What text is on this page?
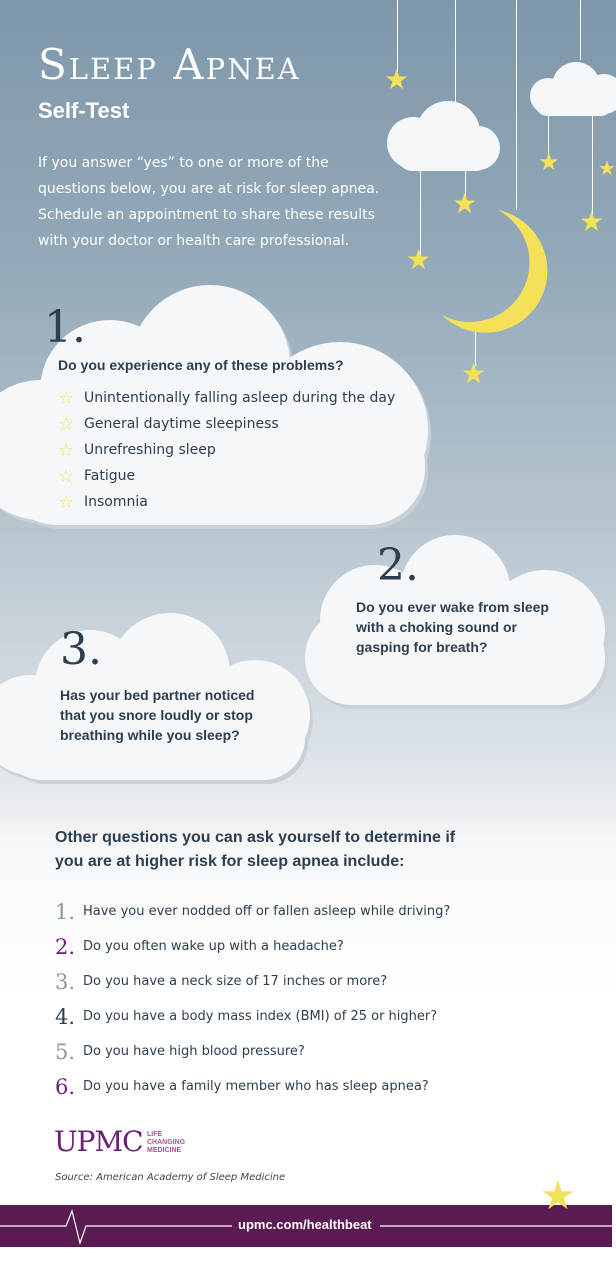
★
★
★
★
★
★
★
Sleep Apnea
Self-Test
If you answer “yes” to one or more of the
questions below, you are at risk for sleep apnea.
Schedule an appointment to share these results
with your doctor or health care professional.
1.
Do you experience any of these problems?
☆ Unintentionally falling asleep during the day
☆ General daytime sleepiness
☆ Unrefreshing sleep
☆ Fatigue
☆ Insomnia
2.
Do you ever wake from sleep
with a choking sound or
gasping for breath?
3.
Has your bed partner noticed
that you snore loudly or stop
breathing while you sleep?
Other questions you can ask yourself to determine if
you are at higher risk for sleep apnea include:
1. Have you ever nodded off or fallen asleep while driving?
2. Do you often wake up with a headache?
3. Do you have a neck size of 17 inches or more?
4. Do you have a body mass index (BMI) of 25 or higher?
5. Do you have high blood pressure?
6. Do you have a family member who has sleep apnea?
UPMC LIFE
CHANGING
MEDICINE
Source: American Academy of Sleep Medicine
upmc.com/healthbeat
★
